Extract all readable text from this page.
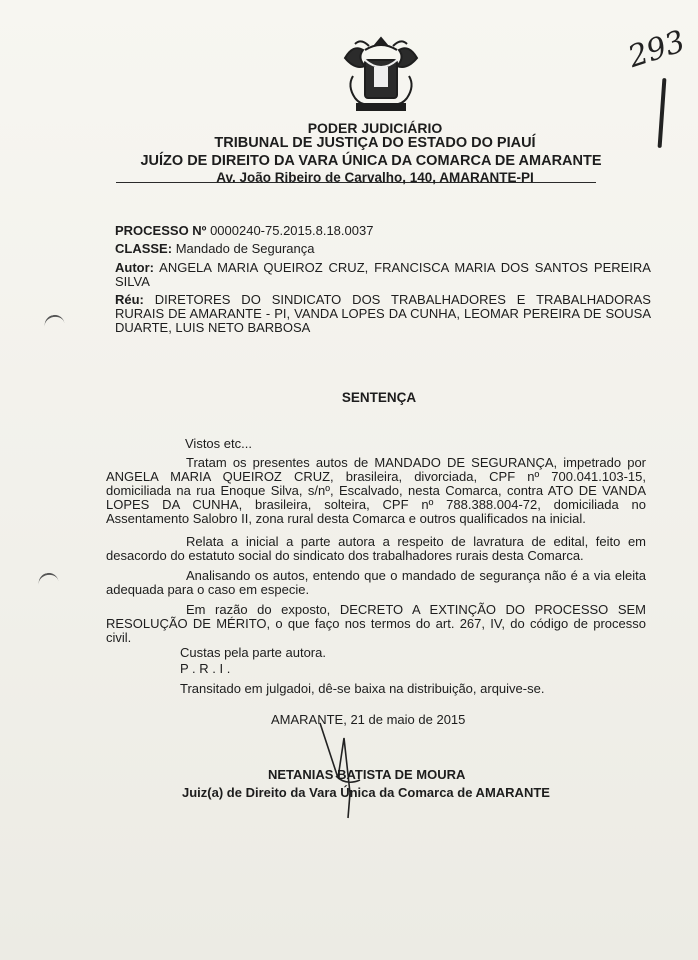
293
PODER JUDICIÁRIO
TRIBUNAL DE JUSTIÇA DO ESTADO DO PIAUÍ
JUÍZO DE DIREITO DA VARA ÚNICA DA COMARCA DE AMARANTE
Av. João Ribeiro de Carvalho, 140, AMARANTE-PI
PROCESSO Nº 0000240-75.2015.8.18.0037
CLASSE: Mandado de Segurança
Autor: ANGELA MARIA QUEIROZ CRUZ, FRANCISCA MARIA DOS SANTOS PEREIRA SILVA
Réu: DIRETORES DO SINDICATO DOS TRABALHADORES E TRABALHADORAS RURAIS DE AMARANTE - PI, VANDA LOPES DA CUNHA, LEOMAR PEREIRA DE SOUSA DUARTE, LUIS NETO BARBOSA
SENTENÇA
Vistos etc...
Tratam os presentes autos de MANDADO DE SEGURANÇA, impetrado por ANGELA MARIA QUEIROZ CRUZ, brasileira, divorciada, CPF nº 700.041.103-15, domiciliada na rua Enoque Silva, s/nº, Escalvado, nesta Comarca, contra ATO DE VANDA LOPES DA CUNHA, brasileira, solteira, CPF nº 788.388.004-72, domiciliada no Assentamento Salobro II, zona rural desta Comarca e outros qualificados na inicial.
Relata a inicial a parte autora a respeito de lavratura de edital, feito em desacordo do estatuto social do sindicato dos trabalhadores rurais desta Comarca.
Analisando os autos, entendo que o mandado de segurança não é a via eleita adequada para o caso em especie.
Em razão do exposto, DECRETO A EXTINÇÃO DO PROCESSO SEM RESOLUÇÃO DE MÉRITO, o que faço nos termos do art. 267, IV, do código de processo civil.
Custas pela parte autora.
P . R . I .
Transitado em julgadoi, dê-se baixa na distribuição, arquive-se.
AMARANTE, 21 de maio de 2015
NETANIAS BATISTA DE MOURA
Juiz(a) de Direito da Vara Única da Comarca de AMARANTE
